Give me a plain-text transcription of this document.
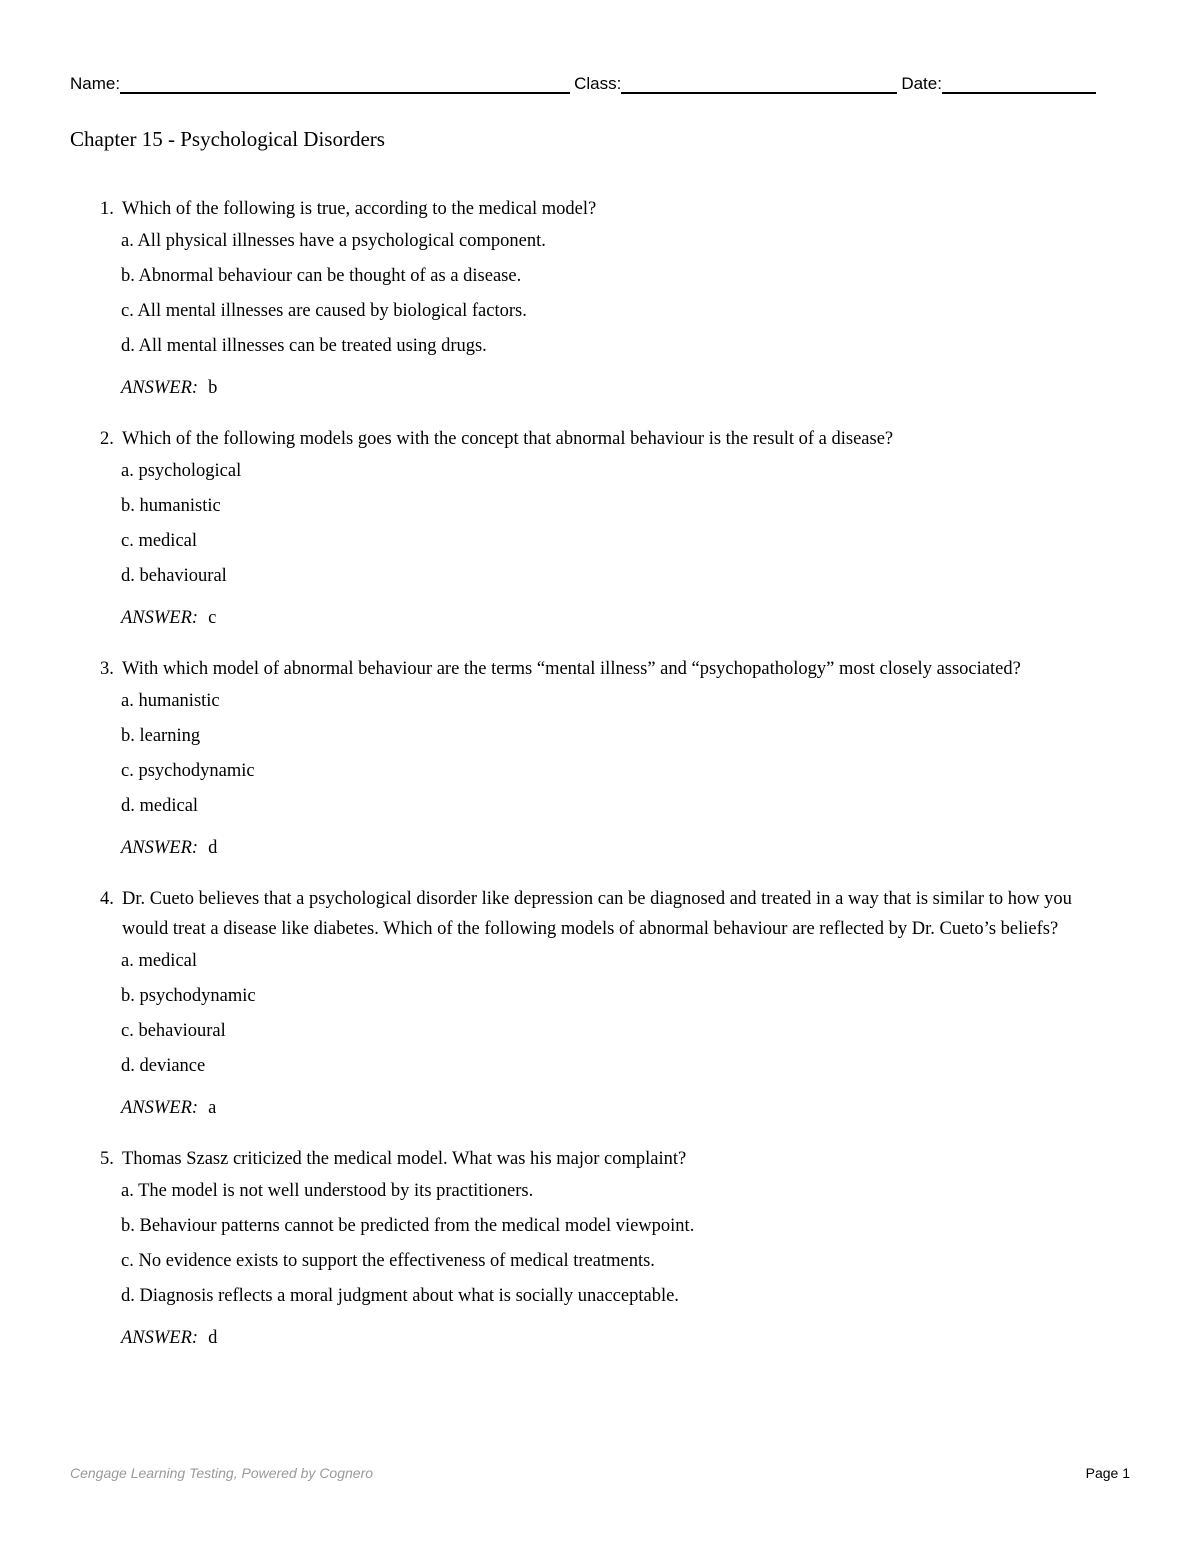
Name:	Class:	Date:
Chapter 15 - Psychological Disorders
1. Which of the following is true, according to the medical model?
a. All physical illnesses have a psychological component.
b. Abnormal behaviour can be thought of as a disease.
c. All mental illnesses are caused by biological factors.
d. All mental illnesses can be treated using drugs.
ANSWER: b
2. Which of the following models goes with the concept that abnormal behaviour is the result of a disease?
a. psychological
b. humanistic
c. medical
d. behavioural
ANSWER: c
3. With which model of abnormal behaviour are the terms “mental illness” and “psychopathology” most closely associated?
a. humanistic
b. learning
c. psychodynamic
d. medical
ANSWER: d
4. Dr. Cueto believes that a psychological disorder like depression can be diagnosed and treated in a way that is similar to how you would treat a disease like diabetes. Which of the following models of abnormal behaviour are reflected by Dr. Cueto’s beliefs?
a. medical
b. psychodynamic
c. behavioural
d. deviance
ANSWER: a
5. Thomas Szasz criticized the medical model. What was his major complaint?
a. The model is not well understood by its practitioners.
b. Behaviour patterns cannot be predicted from the medical model viewpoint.
c. No evidence exists to support the effectiveness of medical treatments.
d. Diagnosis reflects a moral judgment about what is socially unacceptable.
ANSWER: d
Cengage Learning Testing, Powered by Cognero	Page 1
